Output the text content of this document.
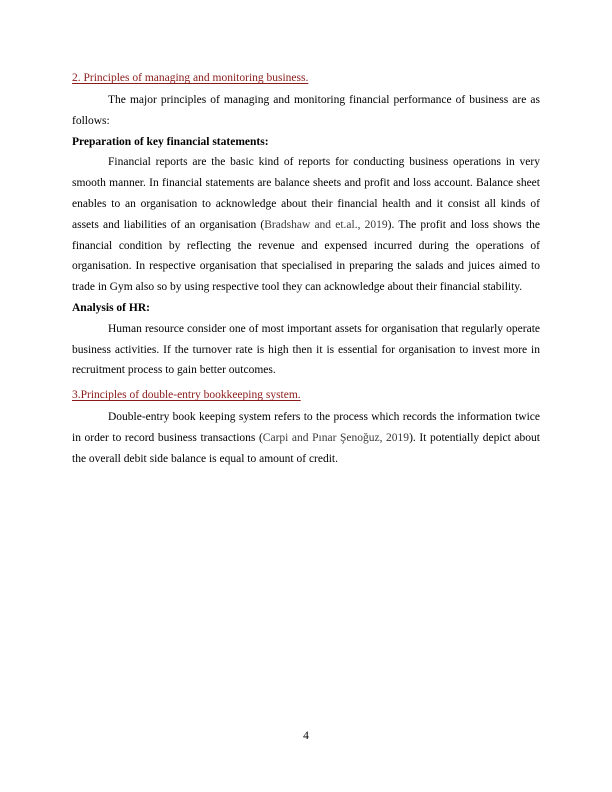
2. Principles of managing and monitoring business.

The major principles of managing and monitoring financial performance of business are as follows:

Preparation of key financial statements:

Financial reports are the basic kind of reports for conducting business operations in very smooth manner. In financial statements are balance sheets and profit and loss account. Balance sheet enables to an organisation to acknowledge about their financial health and it consist all kinds of assets and liabilities of an organisation (Bradshaw and et.al., 2019). The profit and loss shows the financial condition by reflecting the revenue and expensed incurred during the operations of organisation. In respective organisation that specialised in preparing the salads and juices aimed to trade in Gym also so by using respective tool they can acknowledge about their financial stability.

Analysis of HR:

Human resource consider one of most important assets for organisation that regularly operate business activities. If the turnover rate is high then it is essential for organisation to invest more in recruitment process to gain better outcomes.

3.Principles of double-entry bookkeeping system.

Double-entry book keeping system refers to the process which records the information twice in order to record business transactions (Carpi and Pınar Şenoğuz, 2019). It potentially depict about the overall debit side balance is equal to amount of credit.

4
